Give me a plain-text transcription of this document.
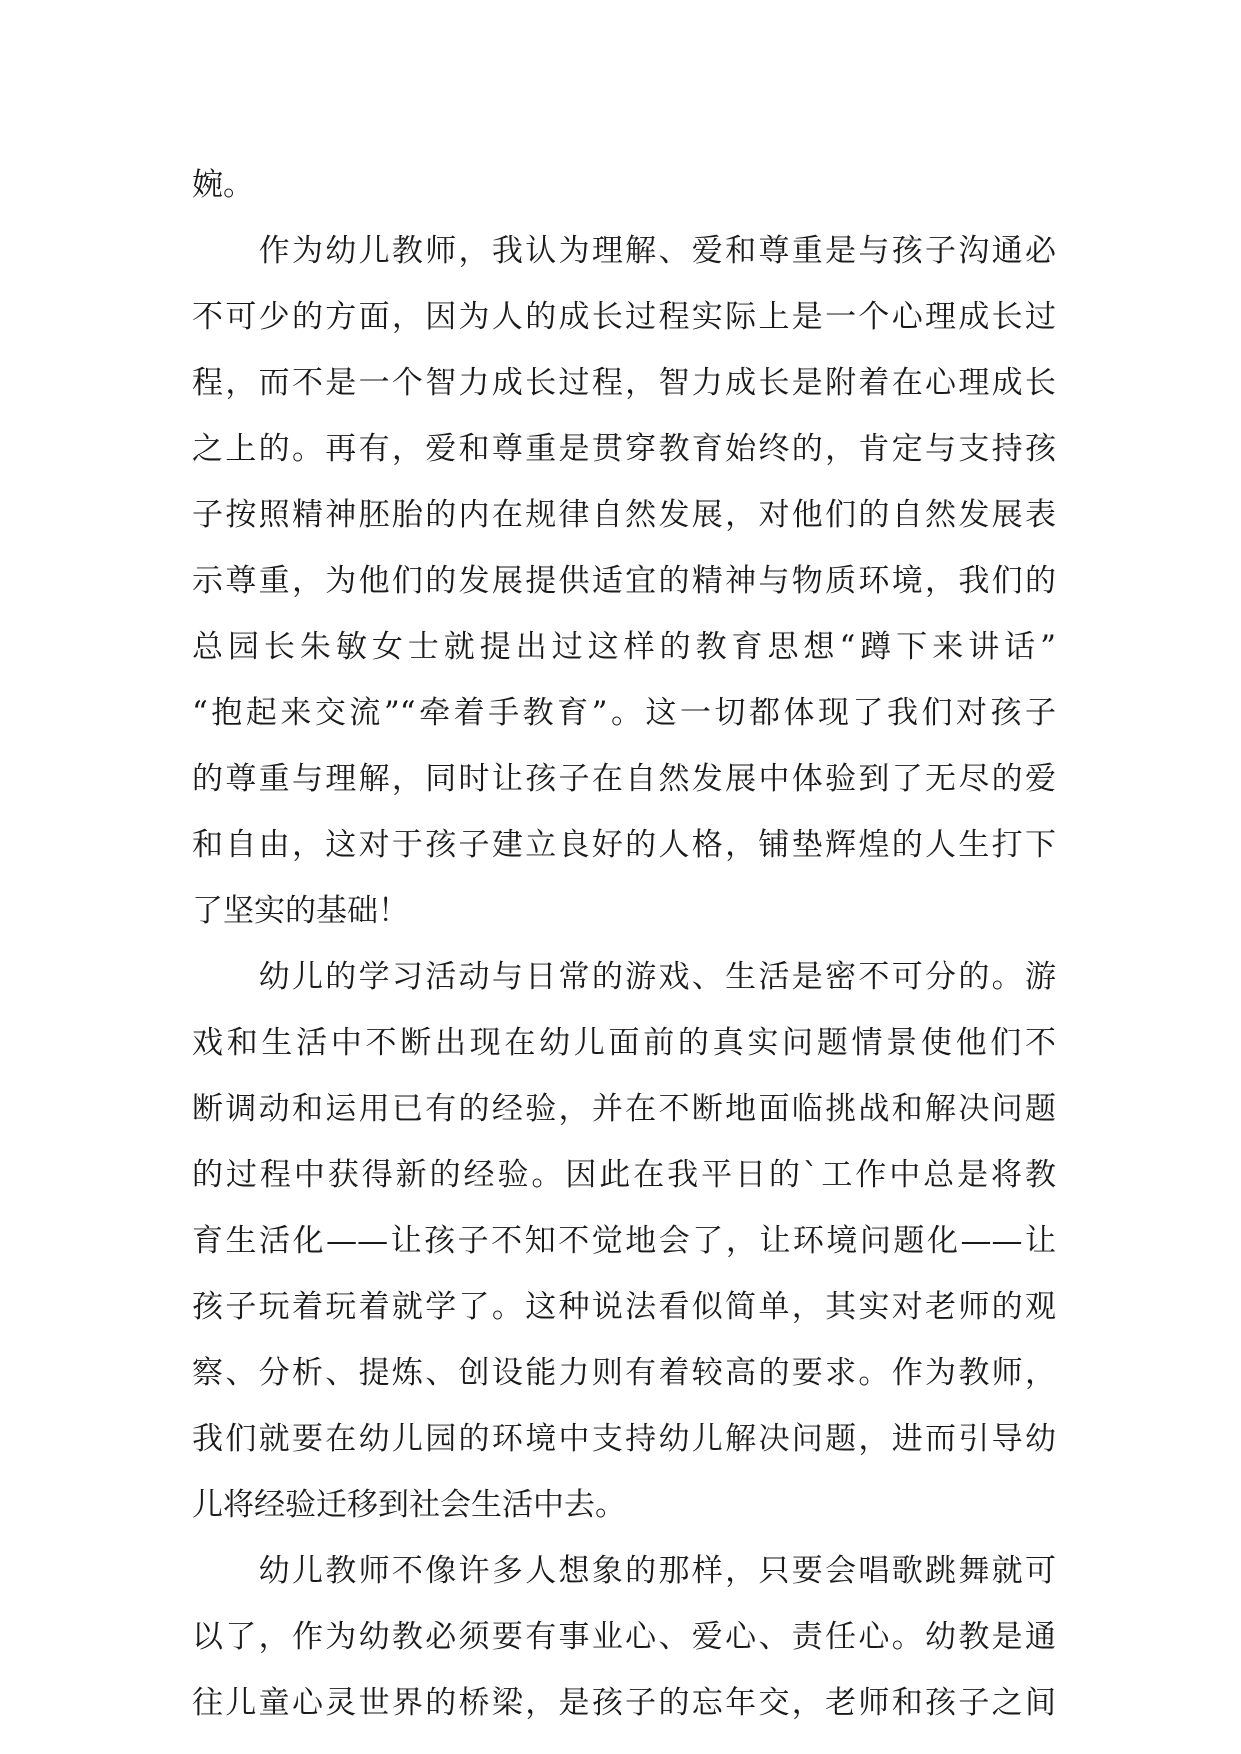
婉。
　　作为幼儿教师，我认为理解、爱和尊重是与孩子沟通必
不可少的方面，因为人的成长过程实际上是一个心理成长过
程，而不是一个智力成长过程，智力成长是附着在心理成长
之上的。再有，爱和尊重是贯穿教育始终的，肯定与支持孩
子按照精神胚胎的内在规律自然发展，对他们的自然发展表
示尊重，为他们的发展提供适宜的精神与物质环境，我们的
总园长朱敏女士就提出过这样的教育思想“蹲下来讲话”
“抱起来交流”“牵着手教育”。这一切都体现了我们对孩子
的尊重与理解，同时让孩子在自然发展中体验到了无尽的爱
和自由，这对于孩子建立良好的人格，铺垫辉煌的人生打下
了坚实的基础！
　　幼儿的学习活动与日常的游戏、生活是密不可分的。游
戏和生活中不断出现在幼儿面前的真实问题情景使他们不
断调动和运用已有的经验，并在不断地面临挑战和解决问题
的过程中获得新的经验。因此在我平日的`工作中总是将教
育生活化——让孩子不知不觉地会了，让环境问题化——让
孩子玩着玩着就学了。这种说法看似简单，其实对老师的观
察、分析、提炼、创设能力则有着较高的要求。作为教师，
我们就要在幼儿园的环境中支持幼儿解决问题，进而引导幼
儿将经验迁移到社会生活中去。
　　幼儿教师不像许多人想象的那样，只要会唱歌跳舞就可
以了，作为幼教必须要有事业心、爱心、责任心。幼教是通
往儿童心灵世界的桥梁，是孩子的忘年交，老师和孩子之间
